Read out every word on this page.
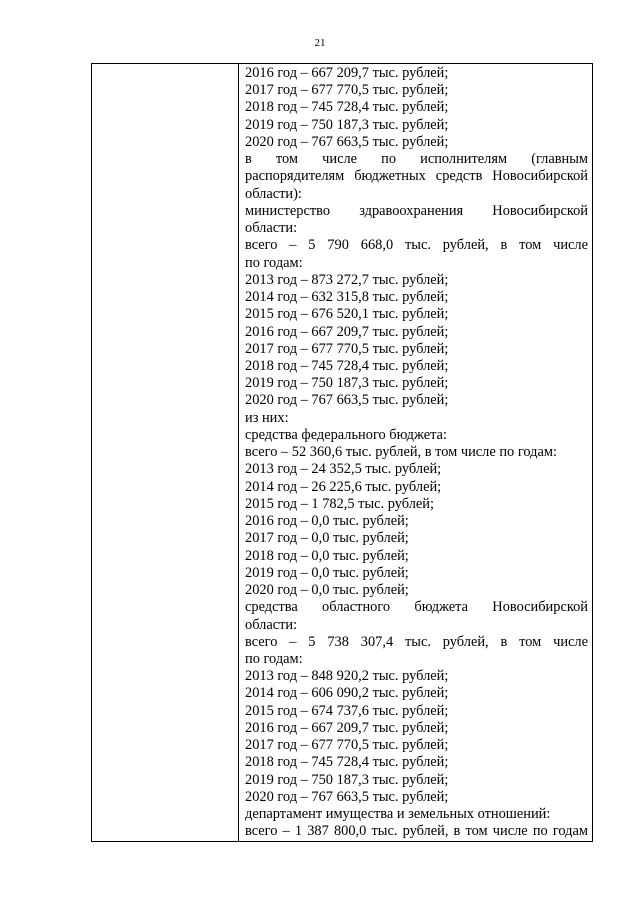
21
2016 год – 667 209,7 тыс. рублей;
2017 год – 677 770,5 тыс. рублей;
2018 год – 745 728,4 тыс. рублей;
2019 год – 750 187,3 тыс. рублей;
2020 год – 767 663,5 тыс. рублей;
в том числе по исполнителям (главным
распорядителям бюджетных средств Новосибирской
области):
министерство здравоохранения Новосибирской
области:
всего – 5 790 668,0 тыс. рублей, в том числе
по годам:
2013 год – 873 272,7 тыс. рублей;
2014 год – 632 315,8 тыс. рублей;
2015 год – 676 520,1 тыс. рублей;
2016 год – 667 209,7 тыс. рублей;
2017 год – 677 770,5 тыс. рублей;
2018 год – 745 728,4 тыс. рублей;
2019 год – 750 187,3 тыс. рублей;
2020 год – 767 663,5 тыс. рублей;
из них:
средства федерального бюджета:
всего – 52 360,6 тыс. рублей, в том числе по годам:
2013 год – 24 352,5 тыс. рублей;
2014 год – 26 225,6 тыс. рублей;
2015 год – 1 782,5 тыс. рублей;
2016 год – 0,0 тыс. рублей;
2017 год – 0,0 тыс. рублей;
2018 год – 0,0 тыс. рублей;
2019 год – 0,0 тыс. рублей;
2020 год – 0,0 тыс. рублей;
средства областного бюджета Новосибирской
области:
всего – 5 738 307,4 тыс. рублей, в том числе
по годам:
2013 год – 848 920,2 тыс. рублей;
2014 год – 606 090,2 тыс. рублей;
2015 год – 674 737,6 тыс. рублей;
2016 год – 667 209,7 тыс. рублей;
2017 год – 677 770,5 тыс. рублей;
2018 год – 745 728,4 тыс. рублей;
2019 год – 750 187,3 тыс. рублей;
2020 год – 767 663,5 тыс. рублей;
департамент имущества и земельных отношений:
всего – 1 387 800,0 тыс. рублей, в том числе по годам
